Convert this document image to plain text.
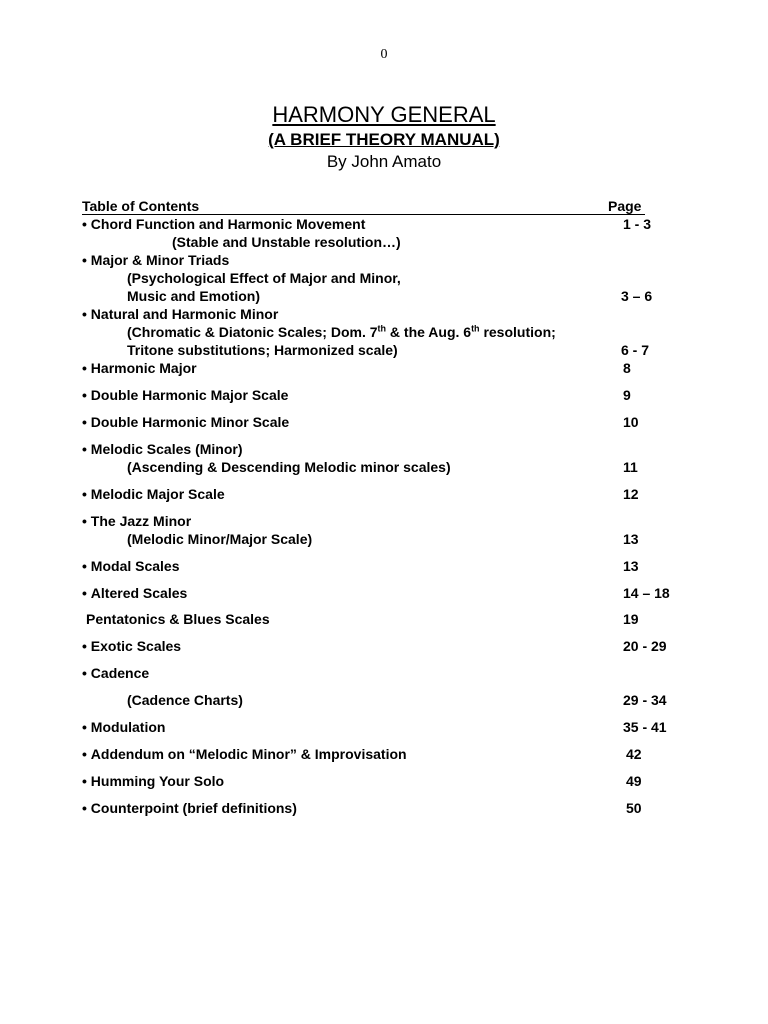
0
HARMONY GENERAL
(A BRIEF THEORY MANUAL)
By John Amato
Table of Contents	Page
• Chord Function and Harmonic Movement	1 - 3
(Stable and Unstable resolution…)
• Major & Minor Triads
(Psychological Effect of Major and Minor,
Music and Emotion)	3 – 6
• Natural and Harmonic Minor
(Chromatic & Diatonic Scales; Dom. 7th & the Aug. 6th resolution;
Tritone substitutions; Harmonized scale)	6 - 7
• Harmonic Major	8
• Double Harmonic Major Scale	9
• Double Harmonic Minor Scale	10
• Melodic Scales (Minor)
(Ascending & Descending Melodic minor scales)	11
• Melodic Major Scale	12
• The Jazz Minor
(Melodic Minor/Major Scale)	13
• Modal Scales	13
• Altered Scales	14 – 18
Pentatonics & Blues Scales	19
• Exotic Scales	20 - 29
• Cadence
(Cadence Charts)	29 - 34
• Modulation	35 - 41
• Addendum on “Melodic Minor” & Improvisation	42
• Humming Your Solo	49
• Counterpoint (brief definitions)	50
